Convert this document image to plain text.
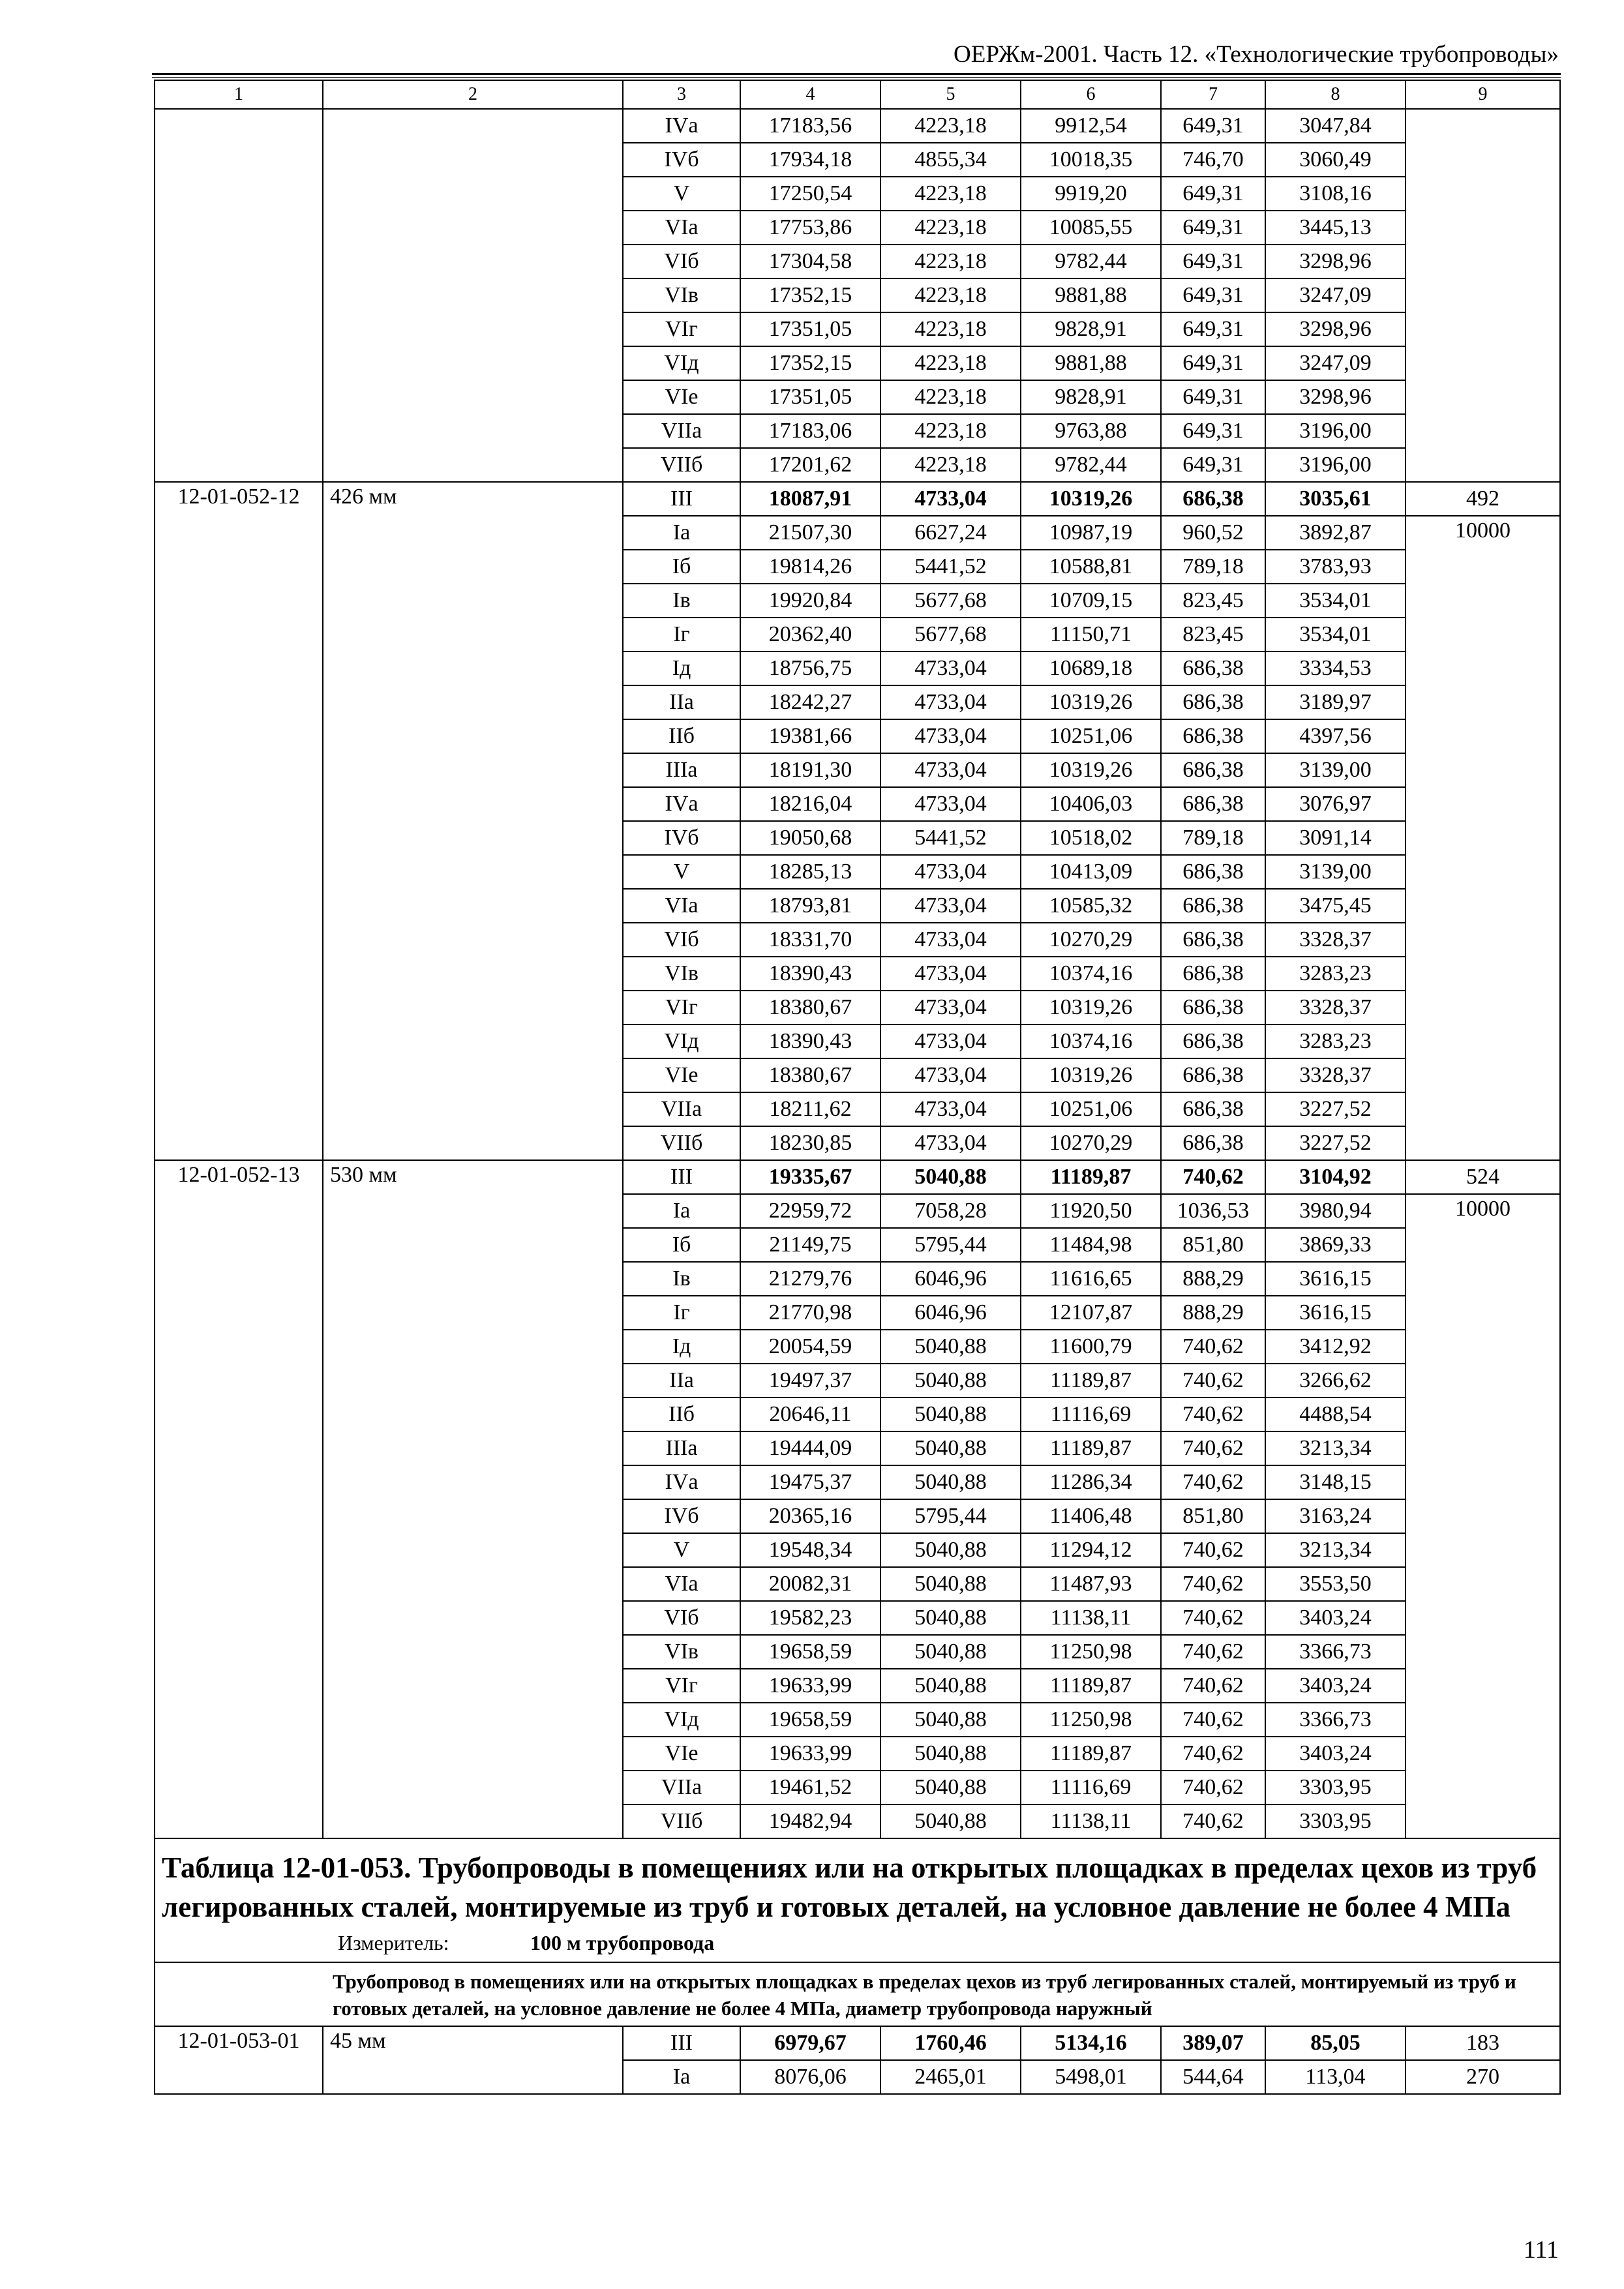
ОЕРЖм-2001. Часть 12. «Технологические трубопроводы»
1	2	3	4	5	6	7	8	9
		IVа	17183,56	4223,18	9912,54	649,31	3047,84	
		IVб	17934,18	4855,34	10018,35	746,70	3060,49	
		V	17250,54	4223,18	9919,20	649,31	3108,16	
		VIа	17753,86	4223,18	10085,55	649,31	3445,13	
		VIб	17304,58	4223,18	9782,44	649,31	3298,96	
		VIв	17352,15	4223,18	9881,88	649,31	3247,09	
		VIг	17351,05	4223,18	9828,91	649,31	3298,96	
		VIд	17352,15	4223,18	9881,88	649,31	3247,09	
		VIе	17351,05	4223,18	9828,91	649,31	3298,96	
		VIIа	17183,06	4223,18	9763,88	649,31	3196,00	
		VIIб	17201,62	4223,18	9782,44	649,31	3196,00	
12-01-052-12	426 мм	III	18087,91	4733,04	10319,26	686,38	3035,61	492
		Iа	21507,30	6627,24	10987,19	960,52	3892,87	10000
		Iб	19814,26	5441,52	10588,81	789,18	3783,93	
		Iв	19920,84	5677,68	10709,15	823,45	3534,01	
		Iг	20362,40	5677,68	11150,71	823,45	3534,01	
		Iд	18756,75	4733,04	10689,18	686,38	3334,53	
		IIа	18242,27	4733,04	10319,26	686,38	3189,97	
		IIб	19381,66	4733,04	10251,06	686,38	4397,56	
		IIIа	18191,30	4733,04	10319,26	686,38	3139,00	
		IVа	18216,04	4733,04	10406,03	686,38	3076,97	
		IVб	19050,68	5441,52	10518,02	789,18	3091,14	
		V	18285,13	4733,04	10413,09	686,38	3139,00	
		VIа	18793,81	4733,04	10585,32	686,38	3475,45	
		VIб	18331,70	4733,04	10270,29	686,38	3328,37	
		VIв	18390,43	4733,04	10374,16	686,38	3283,23	
		VIг	18380,67	4733,04	10319,26	686,38	3328,37	
		VIд	18390,43	4733,04	10374,16	686,38	3283,23	
		VIе	18380,67	4733,04	10319,26	686,38	3328,37	
		VIIа	18211,62	4733,04	10251,06	686,38	3227,52	
		VIIб	18230,85	4733,04	10270,29	686,38	3227,52	
12-01-052-13	530 мм	III	19335,67	5040,88	11189,87	740,62	3104,92	524
		Iа	22959,72	7058,28	11920,50	1036,53	3980,94	10000
		Iб	21149,75	5795,44	11484,98	851,80	3869,33	
		Iв	21279,76	6046,96	11616,65	888,29	3616,15	
		Iг	21770,98	6046,96	12107,87	888,29	3616,15	
		Iд	20054,59	5040,88	11600,79	740,62	3412,92	
		IIа	19497,37	5040,88	11189,87	740,62	3266,62	
		IIб	20646,11	5040,88	11116,69	740,62	4488,54	
		IIIа	19444,09	5040,88	11189,87	740,62	3213,34	
		IVа	19475,37	5040,88	11286,34	740,62	3148,15	
		IVб	20365,16	5795,44	11406,48	851,80	3163,24	
		V	19548,34	5040,88	11294,12	740,62	3213,34	
		VIа	20082,31	5040,88	11487,93	740,62	3553,50	
		VIб	19582,23	5040,88	11138,11	740,62	3403,24	
		VIв	19658,59	5040,88	11250,98	740,62	3366,73	
		VIг	19633,99	5040,88	11189,87	740,62	3403,24	
		VIд	19658,59	5040,88	11250,98	740,62	3366,73	
		VIе	19633,99	5040,88	11189,87	740,62	3403,24	
		VIIа	19461,52	5040,88	11116,69	740,62	3303,95	
		VIIб	19482,94	5040,88	11138,11	740,62	3303,95	

Таблица 12-01-053. Трубопроводы в помещениях или на открытых площадках в пределах цехов из труб легированных сталей, монтируемые из труб и готовых деталей, на условное давление не более 4 МПа
Измеритель: 100 м трубопровода								

Трубопровод в помещениях или на открытых площадках в пределах цехов из труб легированных сталей, монтируемый из труб и готовых деталей, на условное давление не более 4 МПа, диаметр трубопровода наружный								
12-01-053-01	45 мм	III	6979,67	1760,46	5134,16	389,07	85,05	183
		Iа	8076,06	2465,01	5498,01	544,64	113,04	270
111
